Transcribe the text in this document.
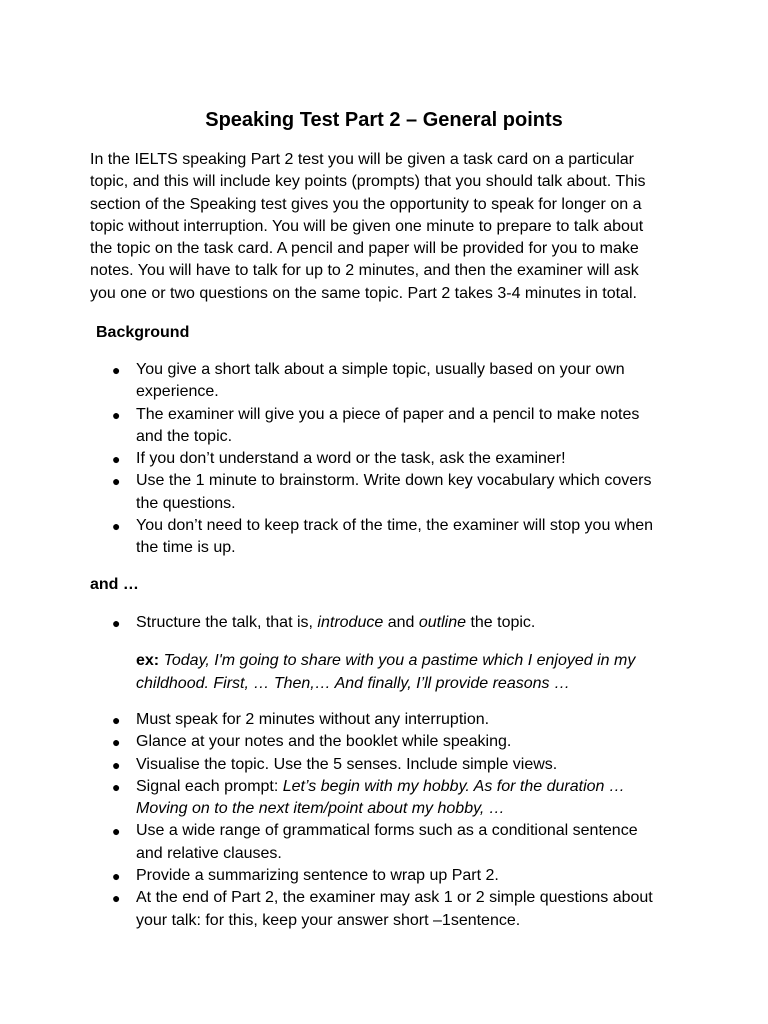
Speaking Test Part 2 – General points

In the IELTS speaking Part 2 test you will be given a task card on a particular
topic, and this will include key points (prompts) that you should talk about. This
section of the Speaking test gives you the opportunity to speak for longer on a
topic without interruption. You will be given one minute to prepare to talk about
the topic on the task card. A pencil and paper will be provided for you to make
notes. You will have to talk for up to 2 minutes, and then the examiner will ask
you one or two questions on the same topic. Part 2 takes 3-4 minutes in total.

Background
● You give a short talk about a simple topic, usually based on your own
experience.
● The examiner will give you a piece of paper and a pencil to make notes
and the topic.
● If you don’t understand a word or the task, ask the examiner!
● Use the 1 minute to brainstorm. Write down key vocabulary which covers
the questions.
● You don’t need to keep track of the time, the examiner will stop you when
the time is up.
and …
● Structure the talk, that is, introduce and outline the topic.

ex: Today, I'm going to share with you a pastime which I enjoyed in my
childhood. First, … Then,… And finally, I’ll provide reasons …

● Must speak for 2 minutes without any interruption.
● Glance at your notes and the booklet while speaking.
● Visualise the topic. Use the 5 senses. Include simple views.
● Signal each prompt: Let’s begin with my hobby. As for the duration …
Moving on to the next item/point about my hobby, …
● Use a wide range of grammatical forms such as a conditional sentence
and relative clauses.
● Provide a summarizing sentence to wrap up Part 2.
● At the end of Part 2, the examiner may ask 1 or 2 simple questions about
your talk: for this, keep your answer short –1sentence.
